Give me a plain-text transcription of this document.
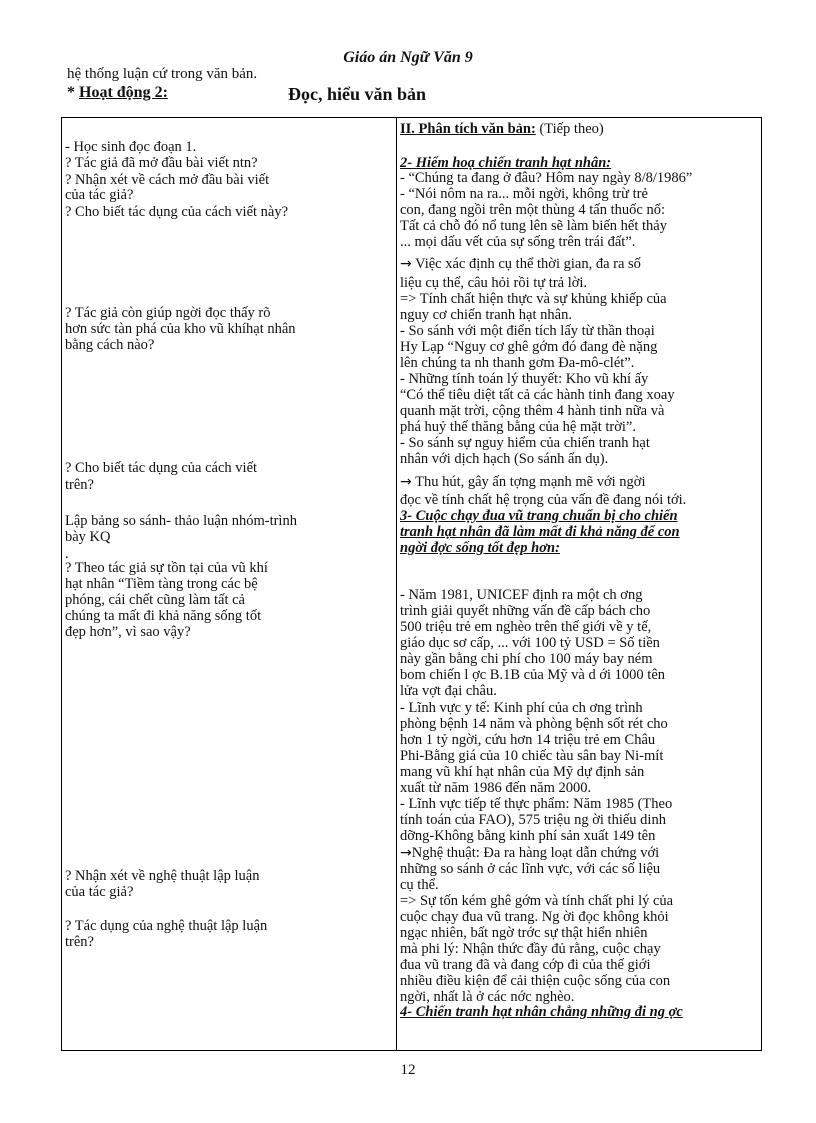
Giáo án Ngữ Văn 9
hệ thống luận cứ trong văn bản.
* Hoạt động 2:	Đọc, hiểu văn bản
- Học sinh đọc đoạn 1.
? Tác giả đã mở đầu bài viết ntn?
? Nhận xét về cách mở đầu bài viết
của tác giả?
? Cho biết tác dụng của cách viết này?
? Tác giả còn giúp ngời đọc thấy rõ
hơn sức tàn phá của kho vũ khíhạt nhân
bằng cách nào?
? Cho biết tác dụng của cách viết
trên?
Lập bảng so sánh- thảo luận nhóm-trình
bày KQ
.
? Theo tác giả sự tồn tại của vũ khí
hạt nhân “Tiềm tàng trong các bệ
phóng, cái chết cũng làm tất cả
chúng ta mất đi khả năng sống tốt
đẹp hơn”, vì sao vậy?
? Nhận xét về nghệ thuật lập luận
của tác giả?
? Tác dụng của nghệ thuật lập luận
trên?
II. Phân tích văn bản: (Tiếp theo)
2- Hiểm hoạ chiến tranh hạt nhân:
- “Chúng ta đang ở đâu? Hôm nay ngày 8/8/1986”
- “Nói nôm na ra... mỗi ngời, không trừ trẻ
con, đang ngồi trên một thùng 4 tấn thuốc nổ:
Tất cả chỗ đó nổ tung lên sẽ làm biến hết thảy
... mọi dấu vết của sự sống trên trái đất”.
→ Việc xác định cụ thể thời gian, đa ra số
liệu cụ thể, câu hỏi rồi tự trả lời.
=> Tính chất hiện thực và sự khủng khiếp của
nguy cơ chiến tranh hạt nhân.
- So sánh với một điển tích lấy từ thần thoại
Hy Lạp “Nguy cơ ghê gớm đó đang đè nặng
lên chúng ta nh thanh gơm Đa-mô-clét”.
- Những tính toán lý thuyết: Kho vũ khí ấy
“Có thể tiêu diệt tất cả các hành tinh đang xoay
quanh mặt trời, cộng thêm 4 hành tinh nữa và
phá huỷ thế thăng bằng của hệ mặt trời”.
- So sánh sự nguy hiểm của chiến tranh hạt
nhân với dịch hạch (So sánh ẩn dụ).
→ Thu hút, gây ấn tợng mạnh mẽ với ngời
đọc về tính chất hệ trọng của vấn đề đang nói tới.
3- Cuộc chạy đua vũ trang chuẩn bị cho chiến
tranh hạt nhân đã làm mất đi khả năng để con
ngời đợc sống tốt đẹp hơn:
- Năm 1981, UNICEF định ra một ch ơng
trình giải quyết những vấn đề cấp bách cho
500 triệu trẻ em nghèo trên thế giới về y tế,
giáo dục sơ cấp, ... với 100 tỷ USD = Số tiền
này gần bằng chi phí cho 100 máy bay ném
bom chiến l ợc B.1B của Mỹ và d ới 1000 tên
lửa vợt đại châu.
- Lĩnh vực y tế: Kinh phí của ch ơng trình
phòng bệnh 14 năm và phòng bệnh sốt rét cho
hơn 1 tỷ ngời, cứu hơn 14 triệu trẻ em Châu
Phi-Bằng giá của 10 chiếc tàu sân bay Ni-mít
mang vũ khí hạt nhân của Mỹ dự định sản
xuất từ năm 1986 đến năm 2000.
- Lĩnh vực tiếp tế thực phẩm: Năm 1985 (Theo
tính toán của FAO), 575 triệu ng ời thiếu dinh
dỡng-Không bằng kinh phí sản xuất 149 tên
→Nghệ thuật: Đa ra hàng loạt dẫn chứng với
những so sánh ở các lĩnh vực, với các số liệu
cụ thể.
=> Sự tốn kém ghê gớm và tính chất phi lý của
cuộc chạy đua vũ trang. Ng ời đọc không khỏi
ngạc nhiên, bất ngờ trớc sự thật hiển nhiên
mà phi lý: Nhận thức đầy đủ rằng, cuộc chạy
đua vũ trang đã và đang cớp đi của thế giới
nhiều điều kiện để cải thiện cuộc sống của con
ngời, nhất là ở các nớc nghèo.
4- Chiến tranh hạt nhân chẳng những đi ng ợc
12
